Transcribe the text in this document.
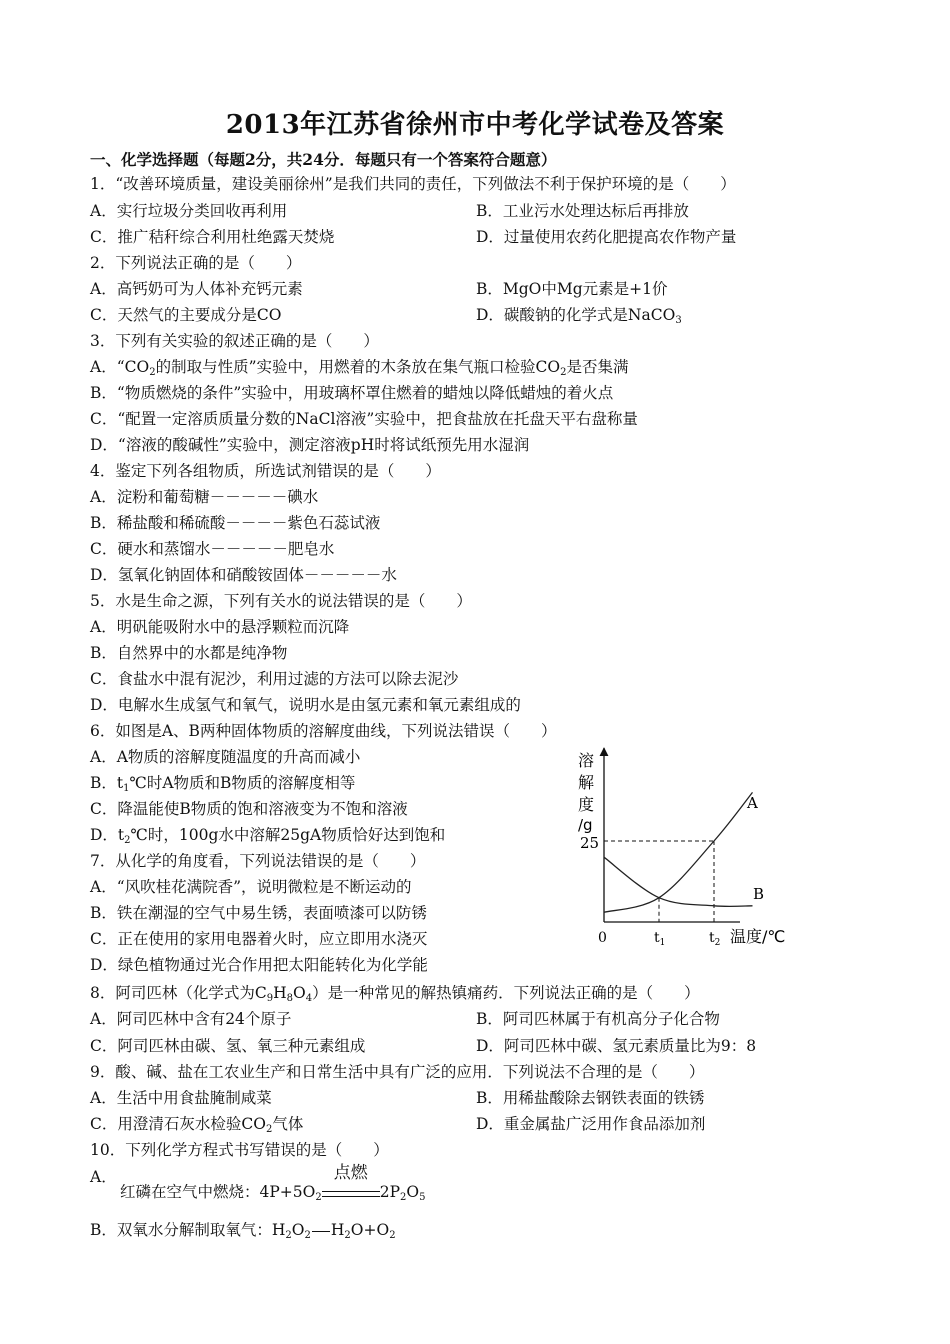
2013年江苏省徐州市中考化学试卷及答案
一、化学选择题（每题2分，共24分．每题只有一个答案符合题意）
1．“改善环境质量，建设美丽徐州”是我们共同的责任，下列做法不利于保护环境的是（　　）
A．实行垃圾分类回收再利用	B．工业污水处理达标后再排放
C．推广秸秆综合利用杜绝露天焚烧	D．过量使用农药化肥提高农作物产量
2．下列说法正确的是（　　）
A．高钙奶可为人体补充钙元素	B．MgO中Mg元素是+1价
C．天然气的主要成分是CO	D．碳酸钠的化学式是NaCO$_3$
3．下列有关实验的叙述正确的是（　　）
A．“$CO_2$的制取与性质”实验中，用燃着的木条放在集气瓶口检验$CO_2$是否集满
B．“物质燃烧的条件”实验中，用玻璃杯罩住燃着的蜡烛以降低蜡烛的着火点
C．“配置一定溶质质量分数的NaCl溶液”实验中，把食盐放在托盘天平右盘称量
D．“溶液的酸碱性”实验中，测定溶液pH时将试纸预先用水湿润
4．鉴定下列各组物质，所选试剂错误的是（　　）
A．淀粉和葡萄糖－－－－－碘水
B．稀盐酸和稀硫酸－－－－紫色石蕊试液
C．硬水和蒸馏水－－－－－肥皂水
D．氢氧化钠固体和硝酸铵固体－－－－－水
5．水是生命之源，下列有关水的说法错误的是（　　）
A．明矾能吸附水中的悬浮颗粒而沉降
B．自然界中的水都是纯净物
C．食盐水中混有泥沙，利用过滤的方法可以除去泥沙
D．电解水生成氢气和氧气，说明水是由氢元素和氧元素组成的
6．如图是A、B两种固体物质的溶解度曲线，下列说法错误（　　）
A．A物质的溶解度随温度的升高而减小
B．$t_1℃$时A物质和B物质的溶解度相等
C．降温能使B物质的饱和溶液变为不饱和溶液
D．$t_2℃$时，100g水中溶解25gA物质恰好达到饱和
7．从化学的角度看，下列说法错误的是（　　）
A．“风吹桂花满院香”，说明微粒是不断运动的
B．铁在潮湿的空气中易生锈，表面喷漆可以防锈
C．正在使用的家用电器着火时，应立即用水浇灭
D．绿色植物通过光合作用把太阳能转化为化学能
溶
解
度
/g
25
0	$t_1$	$t_2$ 温度/℃
A
B
8．阿司匹林（化学式为$C_9H_8O_4$）是一种常见的解热镇痛药．下列说法正确的是（　　）
A．阿司匹林中含有24个原子	B．阿司匹林属于有机高分子化合物
C．阿司匹林由碳、氢、氧三种元素组成	D．阿司匹林中碳、氢元素质量比为9：8
9．酸、碱、盐在工农业生产和日常生活中具有广泛的应用．下列说法不合理的是（　　）
A．生活中用食盐腌制咸菜	B．用稀盐酸除去钢铁表面的铁锈
C．用澄清石灰水检验$CO_2$气体	D．重金属盐广泛用作食品添加剂
10．下列化学方程式书写错误的是（　　）
A．
红磷在空气中燃烧：$4P+5O_2$
点燃
$2P_2O_5$
B．双氧水分解制取氧气：$H_2O_2$ $H_2O+O_2$
